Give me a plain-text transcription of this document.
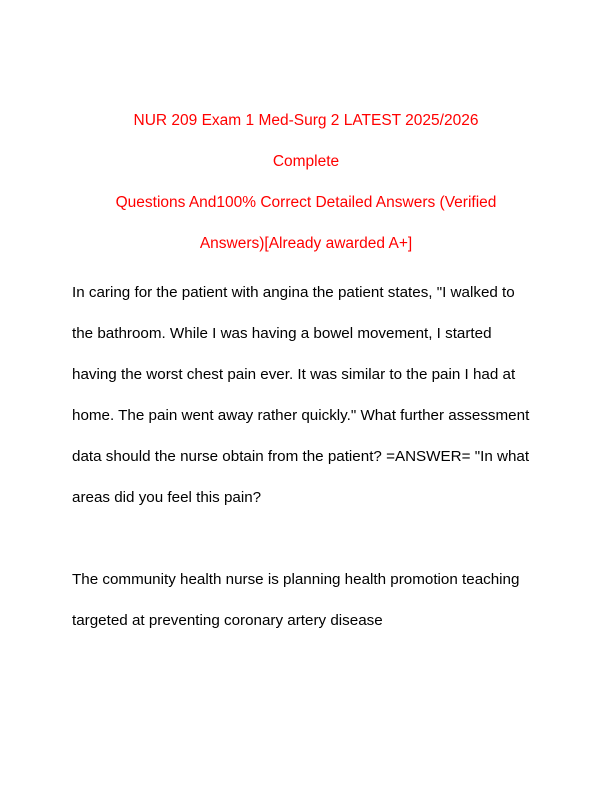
NUR 209 Exam 1 Med-Surg 2 LATEST 2025/2026
Complete
Questions And100% Correct Detailed Answers (Verified
Answers)[Already awarded A+]

In caring for the patient with angina the patient states, "I walked to the bathroom. While I was having a bowel movement, I started having the worst chest pain ever. It was similar to the pain I had at home. The pain went away rather quickly." What further assessment data should the nurse obtain from the patient? =ANSWER= "In what areas did you feel this pain?

The community health nurse is planning health promotion teaching targeted at preventing coronary artery disease
